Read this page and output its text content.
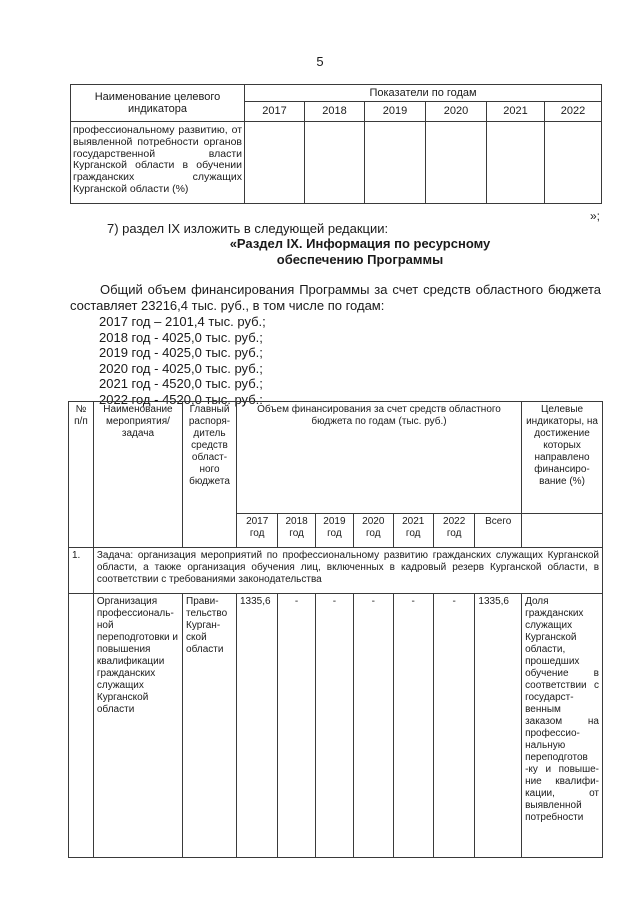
5
Наименование целевого индикатора	Показатели по годам					
	2017	2018	2019	2020	2021	2022
профессиональному развитию, от выявленной потребности органов государственной власти Курганской области в обучении гражданских служащих Курганской области (%)						
»;
7) раздел IX изложить в следующей редакции:
«Раздел IX. Информация по ресурсному
обеспечению Программы
Общий объем финансирования Программы за счет средств областного бюджета составляет 23216,4 тыс. руб., в том числе по годам:
2017 год – 2101,4 тыс. руб.;
2018 год - 4025,0 тыс. руб.;
2019 год - 4025,0 тыс. руб.;
2020 год - 4025,0 тыс. руб.;
2021 год - 4520,0 тыс. руб.;
2022 год - 4520,0 тыс. руб.:
№ п/п	Наименование мероприятия/ задача	Главный распоря-дитель средств област-ного бюджета	Объем финансирования за счет средств областного бюджета по годам (тыс. руб.)							Целевые индикаторы, на достижение которых направлено финансиро-вание (%)
			2017 год	2018 год	2019 год	2020 год	2021 год	2022 год	Всего	
1.	Задача: организация мероприятий по профессиональному развитию гражданских служащих Курганской области, а также организация обучения лиц, включенных в кадровый резерв Курганской области, в соответствии с требованиями законодательства									
	Организация профессиональ-ной переподготовки и повышения квалификации гражданских служащих Курганской области	Прави-тельство Курган-ской области	1335,6	-	-	-	-	-	1335,6	Доля гражданских служащих Курганской области, прошедших обучение в соответствии с государст-венным заказом на профессио-нальную переподготов -ку и повыше-ние квалифи-кации, от выявленной потребности
